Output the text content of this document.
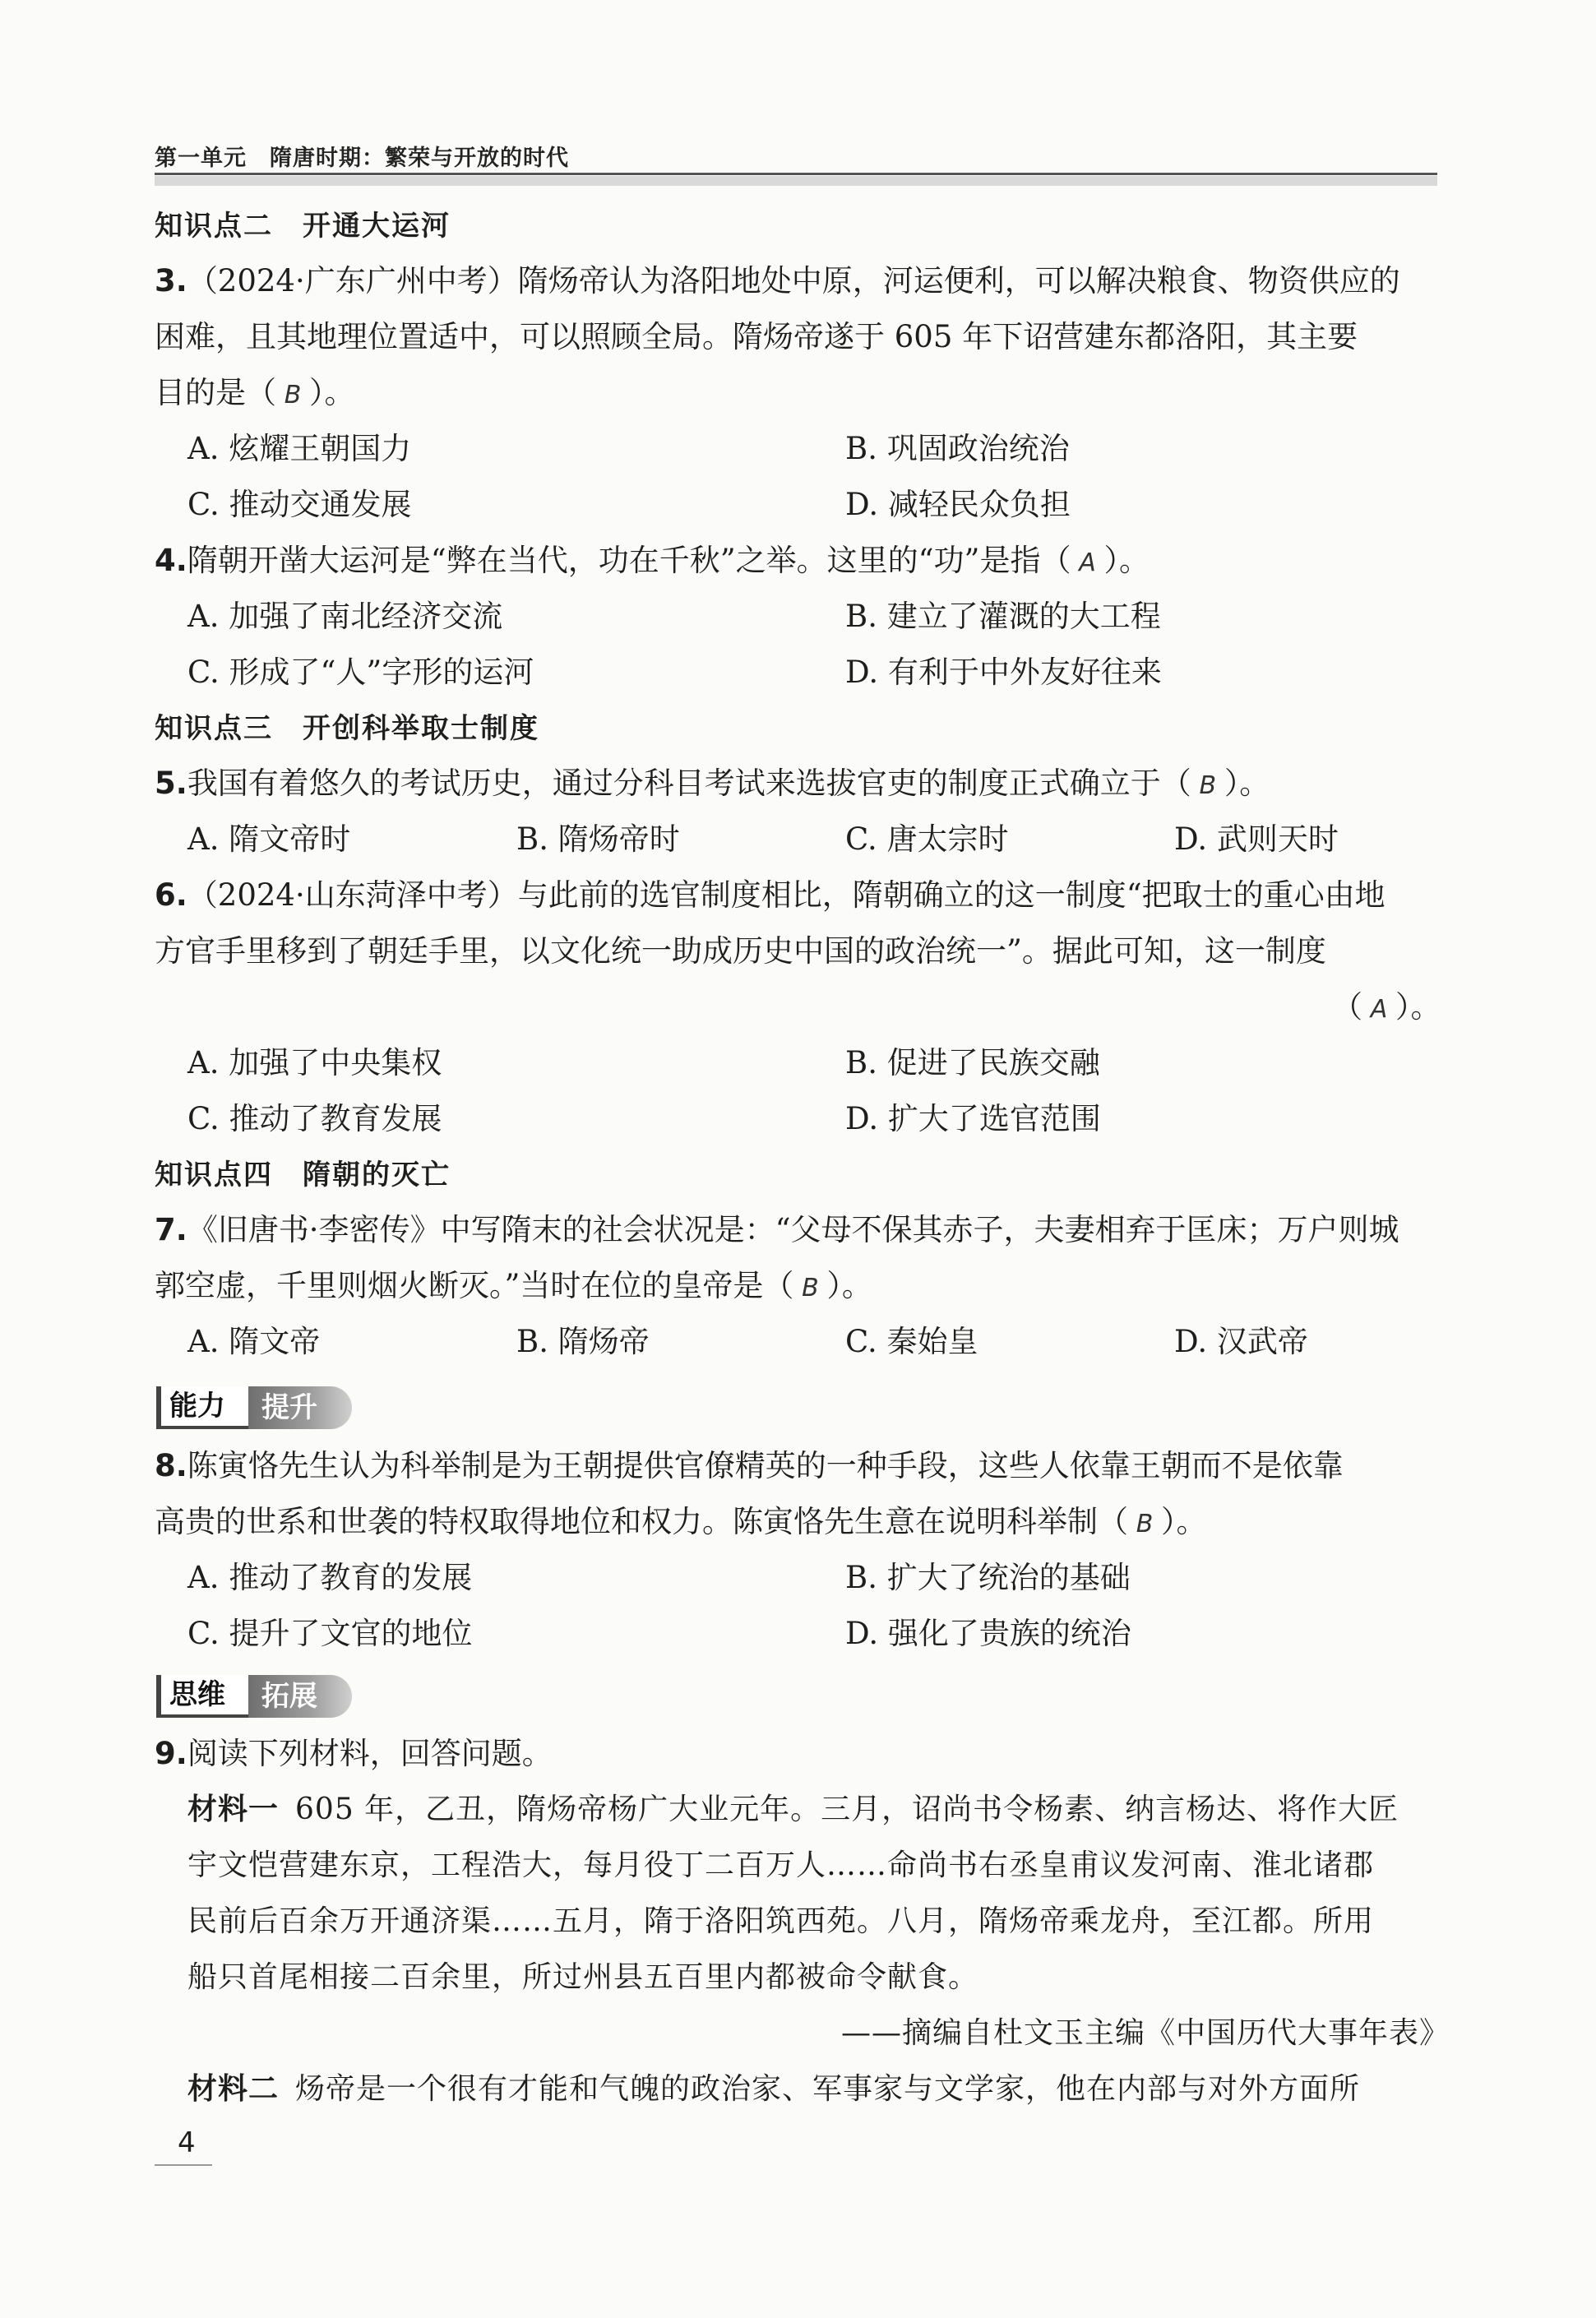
第一单元　隋唐时期：繁荣与开放的时代
知识点二　开通大运河
3.（2024·广东广州中考）隋炀帝认为洛阳地处中原，河运便利，可以解决粮食、物资供应的
困难，且其地理位置适中，可以照顾全局。隋炀帝遂于 605 年下诏营建东都洛阳，其主要
目的是（ B ）。
A. 炫耀王朝国力	B. 巩固政治统治
C. 推动交通发展	D. 减轻民众负担
4.隋朝开凿大运河是“弊在当代，功在千秋”之举。这里的“功”是指（ A ）。
A. 加强了南北经济交流	B. 建立了灌溉的大工程
C. 形成了“人”字形的运河	D. 有利于中外友好往来
知识点三　开创科举取士制度
5.我国有着悠久的考试历史，通过分科目考试来选拔官吏的制度正式确立于（ B ）。
A. 隋文帝时	B. 隋炀帝时	C. 唐太宗时	D. 武则天时
6.（2024·山东菏泽中考）与此前的选官制度相比，隋朝确立的这一制度“把取士的重心由地
方官手里移到了朝廷手里，以文化统一助成历史中国的政治统一”。据此可知，这一制度
（ A ）。
A. 加强了中央集权	B. 促进了民族交融
C. 推动了教育发展	D. 扩大了选官范围
知识点四　隋朝的灭亡
7.《旧唐书·李密传》中写隋末的社会状况是：“父母不保其赤子，夫妻相弃于匡床；万户则城
郭空虚，千里则烟火断灭。”当时在位的皇帝是（ B ）。
A. 隋文帝	B. 隋炀帝	C. 秦始皇	D. 汉武帝
能力	提升
8.陈寅恪先生认为科举制是为王朝提供官僚精英的一种手段，这些人依靠王朝而不是依靠
高贵的世系和世袭的特权取得地位和权力。陈寅恪先生意在说明科举制（ B ）。
A. 推动了教育的发展	B. 扩大了统治的基础
C. 提升了文官的地位	D. 强化了贵族的统治
思维	拓展
9.阅读下列材料，回答问题。
材料一 605 年，乙丑，隋炀帝杨广大业元年。三月，诏尚书令杨素、纳言杨达、将作大匠
宇文恺营建东京，工程浩大，每月役丁二百万人……命尚书右丞皇甫议发河南、淮北诸郡
民前后百余万开通济渠……五月，隋于洛阳筑西苑。八月，隋炀帝乘龙舟，至江都。所用
船只首尾相接二百余里，所过州县五百里内都被命令献食。
——摘编自杜文玉主编《中国历代大事年表》
材料二 炀帝是一个很有才能和气魄的政治家、军事家与文学家，他在内部与对外方面所
4
